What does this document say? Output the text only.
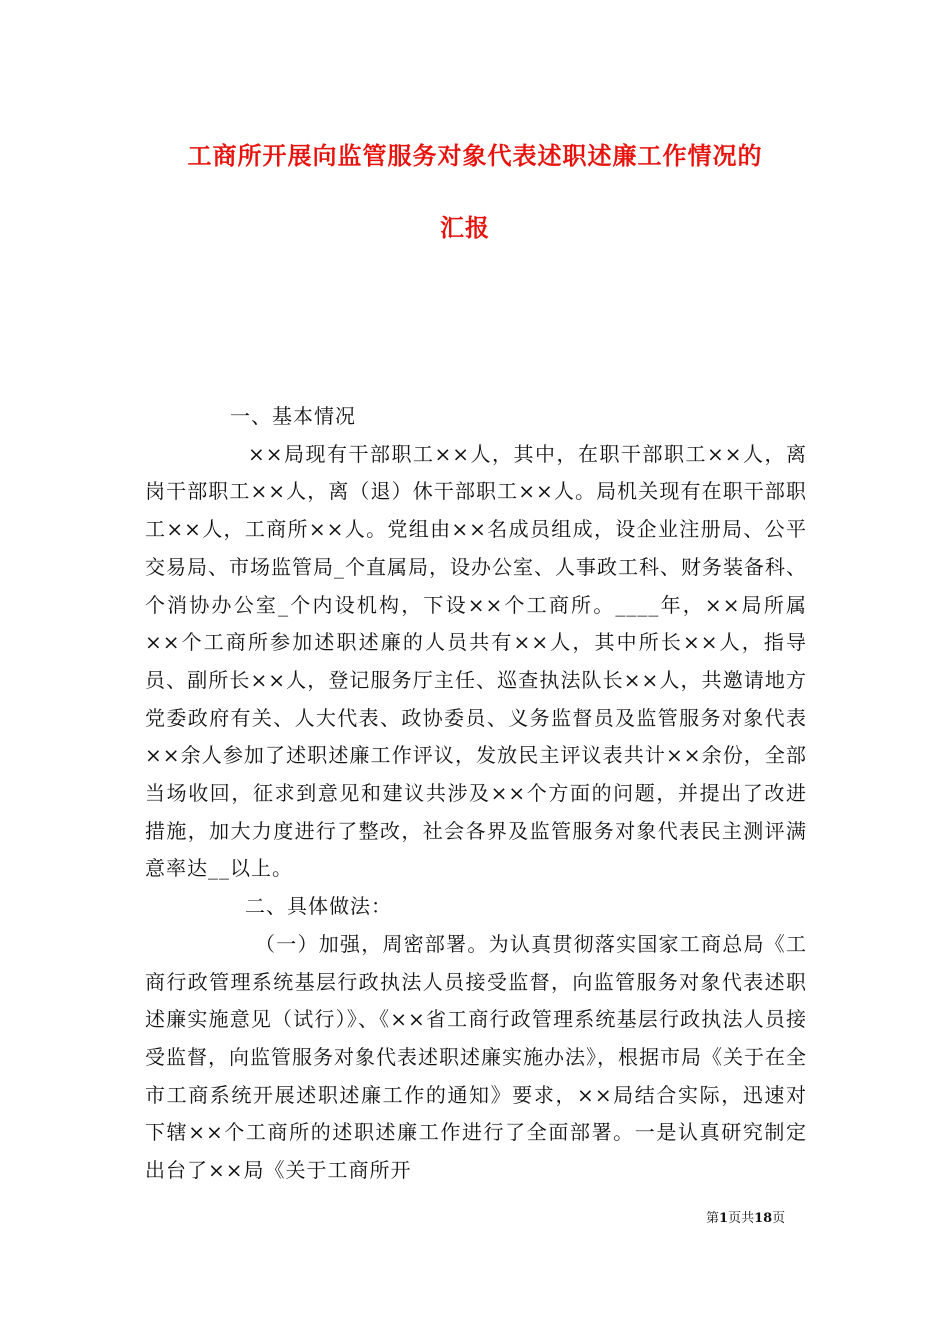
工商所开展向监管服务对象代表述职述廉工作情况的
汇报

一、基本情况

××局现有干部职工××人，其中，在职干部职工××人，离岗干部职工××人，离（退）休干部职工××人。局机关现有在职干部职工××人，工商所××人。党组由××名成员组成，设企业注册局、公平交易局、市场监管局_个直属局，设办公室、人事政工科、财务装备科、个消协办公室_个内设机构，下设××个工商所。____年，××局所属××个工商所参加述职述廉的人员共有××人，其中所长××人，指导员、副所长××人，登记服务厅主任、巡查执法队长××人，共邀请地方党委政府有关、人大代表、政协委员、义务监督员及监管服务对象代表××余人参加了述职述廉工作评议，发放民主评议表共计××余份，全部当场收回，征求到意见和建议共涉及××个方面的问题，并提出了改进措施，加大力度进行了整改，社会各界及监管服务对象代表民主测评满意率达__以上。

二、具体做法：

（一）加强，周密部署。为认真贯彻落实国家工商总局《工商行政管理系统基层行政执法人员接受监督，向监管服务对象代表述职述廉实施意见（试行）》、《××省工商行政管理系统基层行政执法人员接受监督，向监管服务对象代表述职述廉实施办法》，根据市局《关于在全市工商系统开展述职述廉工作的通知》要求，××局结合实际，迅速对下辖××个工商所的述职述廉工作进行了全面部署。一是认真研究制定出台了××局《关于工商所开

第1页共18页
